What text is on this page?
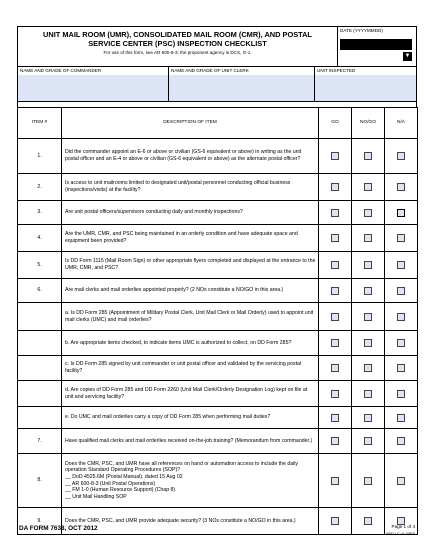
UNIT MAIL ROOM (UMR), CONSOLIDATED MAIL ROOM (CMR), AND POSTAL
SERVICE CENTER (PSC) INSPECTION CHECKLIST
For use of this form, see AR 600-8-3; the proponent agency is DCS, G-1.
DATE (YYYYMMDD)
▼
NAME AND GRADE OF COMMANDER	NAME AND GRADE OF UNIT CLERK	UNIT INSPECTED
ITEM #	DESCRIPTION OF ITEM	GO	NO/GO	N/A
1.	Did the commander appoint an E-6 or above or civilian (GS-6 equivalent or above) in writing as the unit postal officer and an E-4 or above or civilian (GS-6 equivalent or above) as the alternate postal officer?			

2.	Is access to unit mailrooms limited to designated unit/postal personnel conducting official business (inspections/visits) at the facility?			

3.	Are unit postal officers/supervisors conducting daily and monthly inspections?			

4.	Are the UMR, CMR, and PSC being maintained in an orderly condition and have adequate space and equipment been provided?			

5.	Is DD Form 1115 (Mail Room Sign) or other appropriate flyers completed and displayed at the entrance to the UMR, CMR, and PSC?			

6.	Are mail clerks and mail orderlies appointed properly? (2 NOs constitute a NO/GO in this area.)			

	a. Is DD Form 285 (Appointment of Military Postal Clerk, Unit Mail Clerk or Mail Orderly) used to appoint unit mail clerks (UMC) and mail orderlies?			

	b. Are appropriate items checked, to indicate items UMC is authorized to collect, on DD Form 285?			

	c. Is DD Form 285 signed by unit commander or unit postal officer and validated by the servicing postal facility?			

	d. Are copies of DD Form 285 and DD Form 2260 (Unit Mail Clerk/Orderly Designation Log) kept on file at unit and servicing facility?			

	e. Do UMC and mail orderlies carry a copy of DD Form 285 when performing mail duties?			

7.	Have qualified mail clerks and mail orderlies received on-the-job training? (Memorandum from commander.)			

8.	Does the CMR, PSC, and UMR have all references on hand or automation access to include the daily operation Standard Operating Procedures (SOP)?
__ DoD 4525.6M (Postal Manual), dated 15 Aug 02
__ AR 600-8-3 (Unit Postal Operations)
__ FM 1-0 (Human Resource Support) (Chap 8)
__ Unit Mail Handling SOP			

9.	Does the CMR, PSC, and UMR provide adequate security? (3 NOs constitute a NO/GO in this area.)			

DA FORM 7638, OCT 2012	Page 1 of 4
APD LC v1.00ES
